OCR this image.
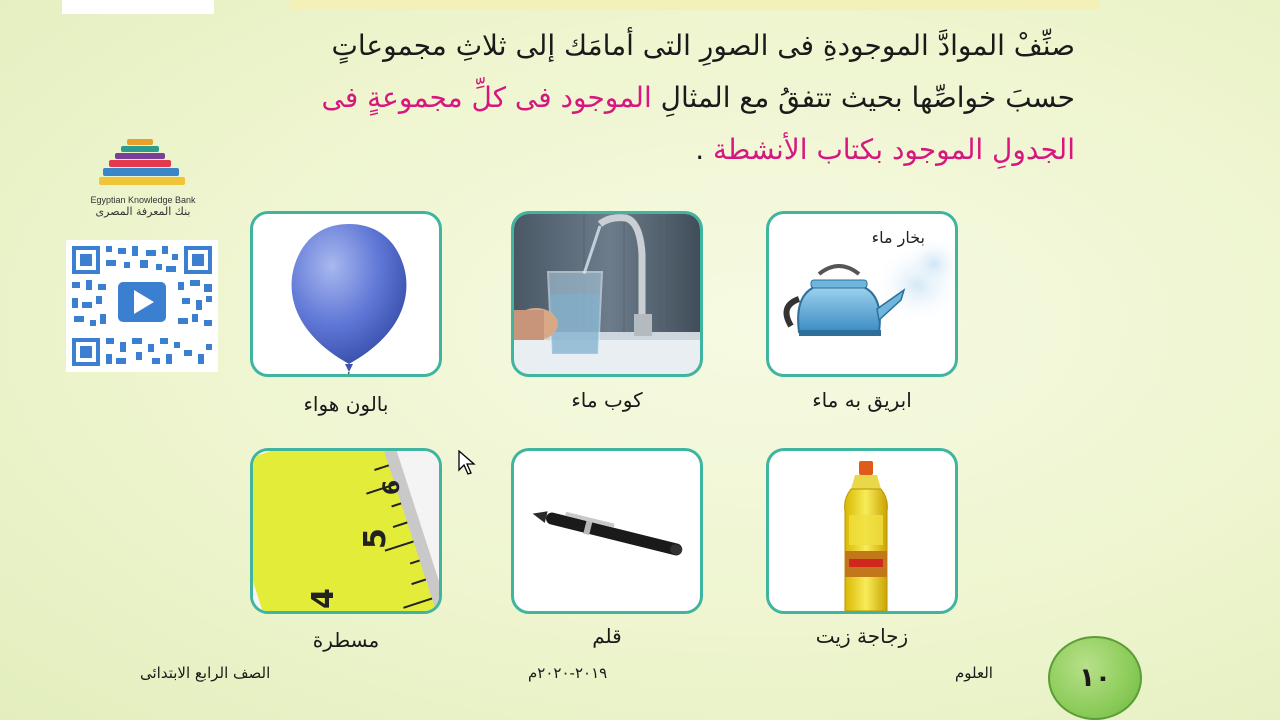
صنِّفْ الموادَّ الموجودةِ فى الصورِ التى أمامَك إلى ثلاثِ مجموعاتٍ
حسبَ خواصِّها بحيث تتفقُ مع المثالِ الموجود فى كلِّ مجموعةٍ فى
الجدولِ الموجود بكتاب الأنشطة .
Egyptian Knowledge Bank
بنك المعرفة المصرى
بخار ماء
ابريق به ماء
كوب ماء
بالون هواء
زجاجة زيت
قلم
6
5
4
مسطرة
العلوم
٢٠١٩-٢٠٢٠م
الصف الرابع الابتدائى	١٠
